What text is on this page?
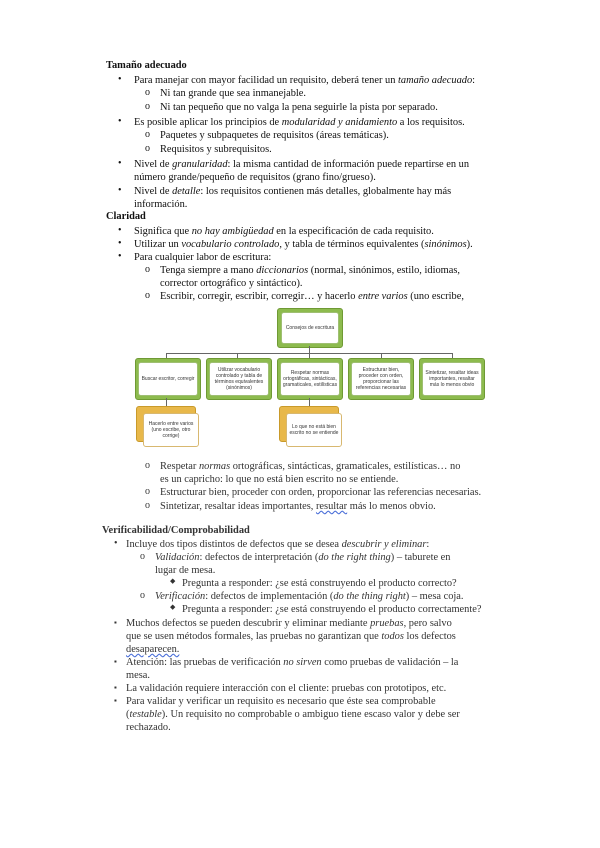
Tamaño adecuado
• Para manejar con mayor facilidad un requisito, deberá tener un tamaño adecuado:
o Ni tan grande que sea inmanejable.
o Ni tan pequeño que no valga la pena seguirle la pista por separado.
• Es posible aplicar los principios de modularidad y anidamiento a los requisitos.
o Paquetes y subpaquetes de requisitos (áreas temáticas).
o Requisitos y subrequisitos.
• Nivel de granularidad: la misma cantidad de información puede repartirse en un
número grande/pequeño de requisitos (grano fino/grueso).
• Nivel de detalle: los requisitos contienen más detalles, globalmente hay más
información.
Claridad
• Significa que no hay ambigüedad en la especificación de cada requisito.
• Utilizar un vocabulario controlado, y tabla de términos equivalentes (sinónimos).
• Para cualquier labor de escritura:
o Tenga siempre a mano diccionarios (normal, sinónimos, estilo, idiomas,
corrector ortográfico y sintáctico).
o Escribir, corregir, escribir, corregir… y hacerlo entre varios (uno escribe,
Consejos de escritura
Buscar escritor, corregir
Utilizar vocabulario controlado y tabla de términos equivalentes (sinónimos)
Respetar normas ortográficas, sintácticas, gramaticales, estilísticas
Estructurar bien, proceder con orden, proporcionar las referencias necesarias
Sintetizar, resaltar ideas importantes, resaltar más lo menos obvio
Hacerlo entre varios (uno escribe, otro corrige)
Lo que no está bien escrito no se entiende
o Respetar normas ortográficas, sintácticas, gramaticales, estilísticas… no
es un capricho: lo que no está bien escrito no se entiende.
o Estructurar bien, proceder con orden, proporcionar las referencias necesarias.
o Sintetizar, resaltar ideas importantes, resultar más lo menos obvio.
Verificabilidad/Comprobabilidad
• Incluye dos tipos distintos de defectos que se desea descubrir y eliminar:
o Validación: defectos de interpretación (do the right thing) – taburete en
lugar de mesa.
◆ Pregunta a responder: ¿se está construyendo el producto correcto?
o Verificación: defectos de implementación (do the thing right) – mesa coja.
◆ Pregunta a responder: ¿se está construyendo el producto correctamente?
▪ Muchos defectos se pueden descubrir y eliminar mediante pruebas, pero salvo
que se usen métodos formales, las pruebas no garantizan que todos los defectos
desaparecen.
▪ Atención: las pruebas de verificación no sirven como pruebas de validación – la
mesa.
▪ La validación requiere interacción con el cliente: pruebas con prototipos, etc.
▪ Para validar y verificar un requisito es necesario que éste sea comprobable
(testable). Un requisito no comprobable o ambiguo tiene escaso valor y debe ser
rechazado.
